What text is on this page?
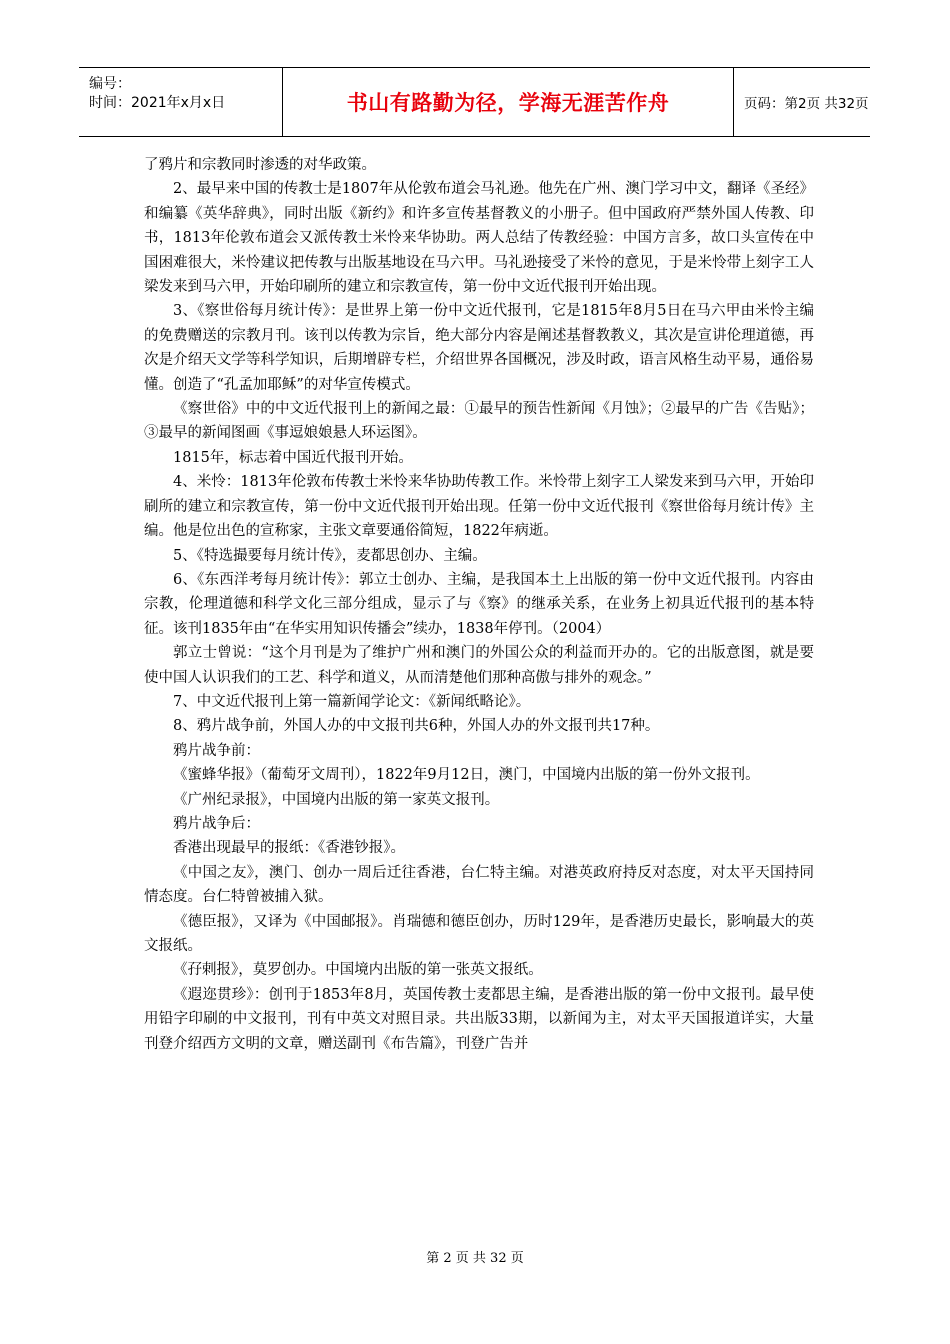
编号：
时间：2021年x月x日	书山有路勤为径，学海无涯苦作舟	页码：第2页 共32页

了鸦片和宗教同时渗透的对华政策。

2、最早来中国的传教士是1807年从伦敦布道会马礼逊。他先在广州、澳门学习中文，翻译《圣经》和编纂《英华辞典》，同时出版《新约》和许多宣传基督教义的小册子。但中国政府严禁外国人传教、印书，1813年伦敦布道会又派传教士米怜来华协助。两人总结了传教经验：中国方言多，故口头宣传在中国困难很大，米怜建议把传教与出版基地设在马六甲。马礼逊接受了米怜的意见，于是米怜带上刻字工人梁发来到马六甲，开始印刷所的建立和宗教宣传，第一份中文近代报刊开始出现。

3、《察世俗每月统计传》：是世界上第一份中文近代报刊，它是1815年8月5日在马六甲由米怜主编的免费赠送的宗教月刊。该刊以传教为宗旨，绝大部分内容是阐述基督教教义，其次是宣讲伦理道德，再次是介绍天文学等科学知识，后期增辟专栏，介绍世界各国概况，涉及时政，语言风格生动平易，通俗易懂。创造了“孔孟加耶稣”的对华宣传模式。

《察世俗》中的中文近代报刊上的新闻之最：①最早的预告性新闻《月蚀》；②最早的广告《告贴》；③最早的新闻图画《事逗娘娘悬人环运图》。

1815年，标志着中国近代报刊开始。

4、米怜：1813年伦敦布传教士米怜来华协助传教工作。米怜带上刻字工人梁发来到马六甲，开始印刷所的建立和宗教宣传，第一份中文近代报刊开始出现。任第一份中文近代报刊《察世俗每月统计传》主编。他是位出色的宣称家，主张文章要通俗简短，1822年病逝。

5、《特选撮要每月统计传》，麦都思创办、主编。

6、《东西洋考每月统计传》：郭立士创办、主编，是我国本土上出版的第一份中文近代报刊。内容由宗教，伦理道德和科学文化三部分组成，显示了与《察》的继承关系，在业务上初具近代报刊的基本特征。该刊1835年由“在华实用知识传播会”续办，1838年停刊。（2004）

郭立士曾说：“这个月刊是为了维护广州和澳门的外国公众的利益而开办的。它的出版意图，就是要使中国人认识我们的工艺、科学和道义，从而清楚他们那种高傲与排外的观念。”

7、中文近代报刊上第一篇新闻学论文：《新闻纸略论》。

8、鸦片战争前，外国人办的中文报刊共6种，外国人办的外文报刊共17种。

鸦片战争前：

《蜜蜂华报》（葡萄牙文周刊），1822年9月12日，澳门，中国境内出版的第一份外文报刊。

《广州纪录报》，中国境内出版的第一家英文报刊。

鸦片战争后：

香港出现最早的报纸：《香港钞报》。

《中国之友》，澳门、创办一周后迁往香港，台仁特主编。对港英政府持反对态度，对太平天国持同情态度。台仁特曾被捕入狱。

《德臣报》，又译为《中国邮报》。肖瑞德和德臣创办，历时129年，是香港历史最长，影响最大的英文报纸。

《孖剌报》，莫罗创办。中国境内出版的第一张英文报纸。

《遐迩贯珍》：创刊于1853年8月，英国传教士麦都思主编，是香港出版的第一份中文报刊。最早使用铅字印刷的中文报刊，刊有中英文对照目录。共出版33期，以新闻为主，对太平天国报道详实，大量刊登介绍西方文明的文章，赠送副刊《布告篇》，刊登广告并

第 2 页 共 32 页
